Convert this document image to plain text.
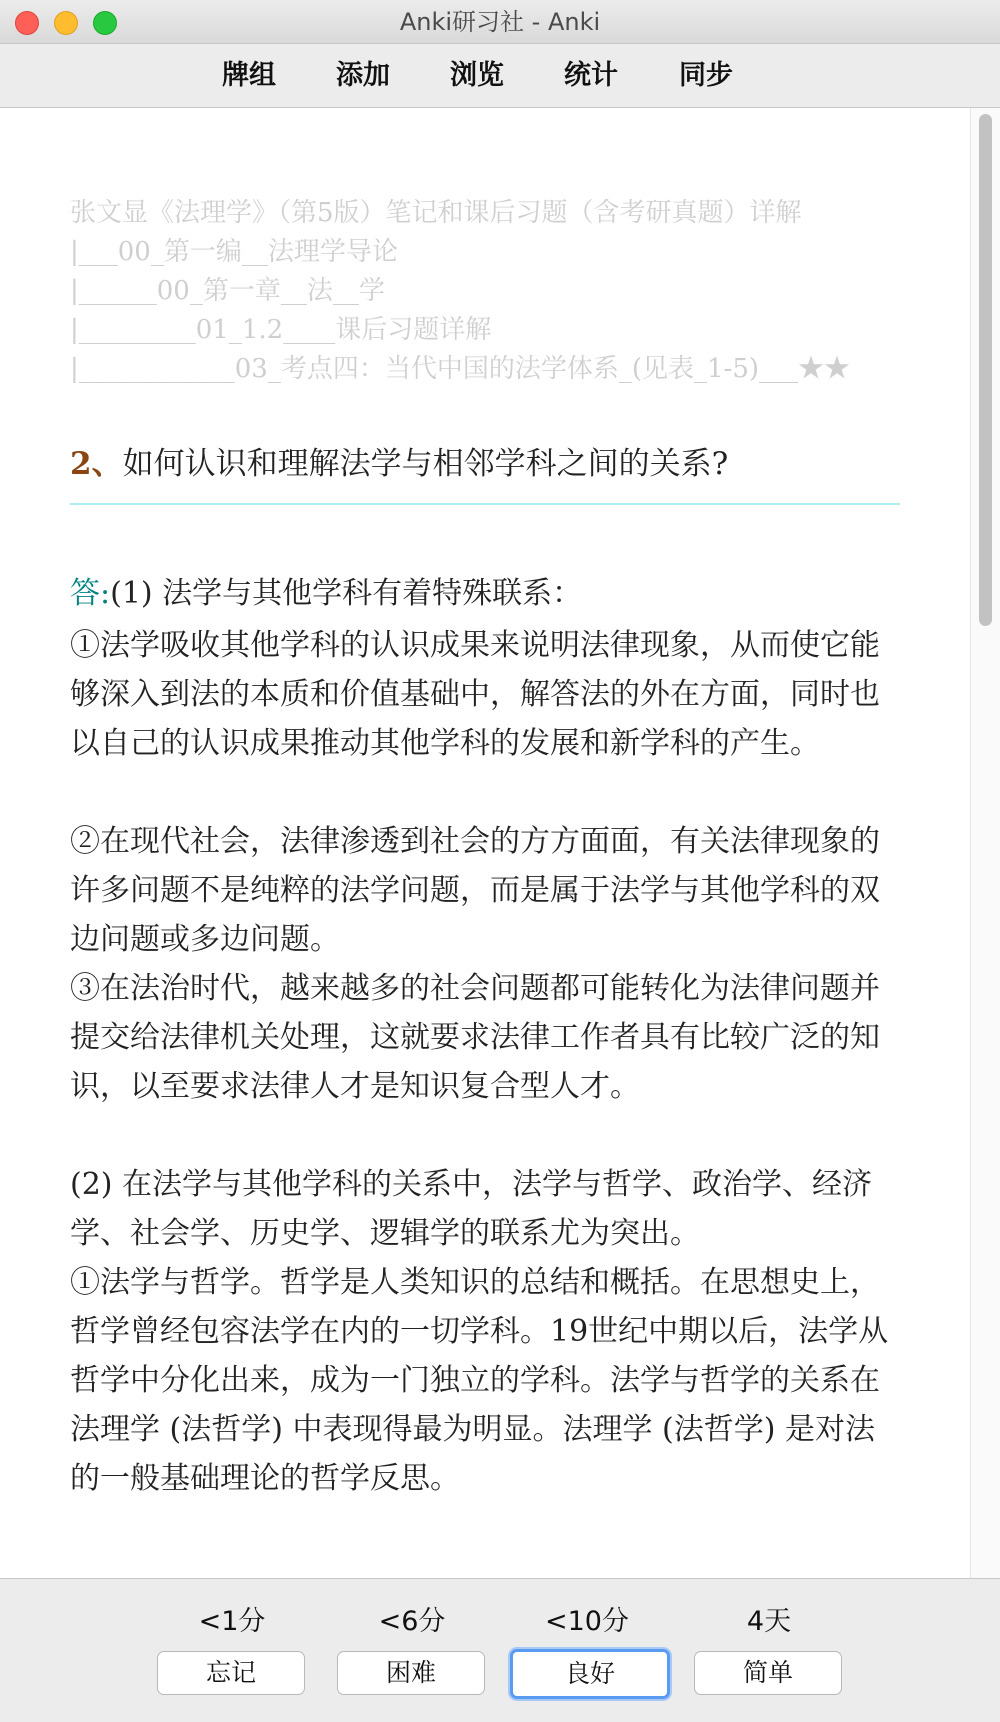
Anki研习社 - Anki
牌组 添加 浏览 统计 同步
张文显《法理学》（第5版）笔记和课后习题（含考研真题）详解
|___00_第一编__法理学导论
|______00_第一章__法__学
|_________01_1.2____课后习题详解
|____________03_考点四：当代中国的法学体系_(见表_1-5)___★★
2、如何认识和理解法学与相邻学科之间的关系?

答:(1) 法学与其他学科有着特殊联系：

①法学吸收其他学科的认识成果来说明法律现象，从而使它能够深入到法的本质和价值基础中，解答法的外在方面，同时也以自己的认识成果推动其他学科的发展和新学科的产生。

②在现代社会，法律渗透到社会的方方面面，有关法律现象的许多问题不是纯粹的法学问题，而是属于法学与其他学科的双边问题或多边问题。

③在法治时代，越来越多的社会问题都可能转化为法律问题并提交给法律机关处理，这就要求法律工作者具有比较广泛的知识，以至要求法律人才是知识复合型人才。

(2) 在法学与其他学科的关系中，法学与哲学、政治学、经济学、社会学、历史学、逻辑学的联系尤为突出。

①法学与哲学。哲学是人类知识的总结和概括。在思想史上，哲学曾经包容法学在内的一切学科。19世纪中期以后，法学从哲学中分化出来，成为一门独立的学科。法学与哲学的关系在法理学 (法哲学) 中表现得最为明显。法理学 (法哲学) 是对法的一般基础理论的哲学反思。

<1分
忘记
<6分
困难
<10分
良好
4天
简单
